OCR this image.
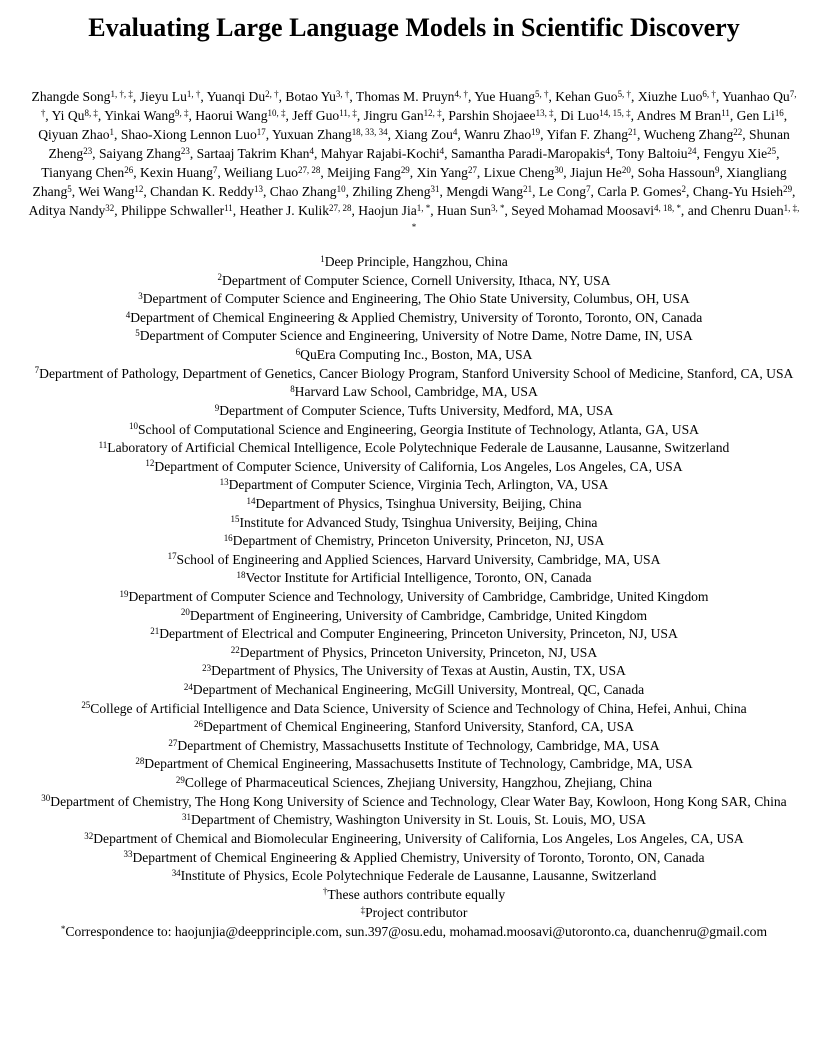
Evaluating Large Language Models in Scientific Discovery

Zhangde Song$^{1, \dagger, \ddagger}$, Jieyu $Lu^{1, \dagger}$, Yuanqi $Du^{2, \dagger}$, Botao $Yu^{3, \dagger}$, Thomas M. Pruyn$^{4, \dagger}$, Yue Huang$^{5, \dagger}$, Kehan Guo$^{5, \dagger}$, Xiuzhe Luo$^{6, \dagger}$, Yuanhao $Qu^{7, \dagger}$, Yi $Qu^{8, \ddagger}$, Yinkai Wang$^{9, \ddagger}$, Haorui Wang$^{10, \ddagger}$, Jeff Guo$^{11, \ddagger}$, Jingru Gan$^{12, \ddagger}$, Parshin Shojaee$^{13, \ddagger}$, Di Luo$^{14, 15, \ddagger}$, Andres M Bran$^{11}$, Gen Li$^{16}$, Qiyuan Zhao$^1$, Shao-Xiong Lennon Luo$^{17}$, Yuxuan Zhang$^{18, 33, 34}$, Xiang Zou$^4$, Wanru Zhao$^{19}$, Yifan F. Zhang$^{21}$, Wucheng Zhang$^{22}$, Shunan Zheng$^{23}$, Saiyang Zhang$^{23}$, Sartaaj Takrim Khan$^4$, Mahyar Rajabi-Kochi$^4$, Samantha Paradi-Maropakis$^4$, Tony Baltoiu$^{24}$, Fengyu Xie$^{25}$, Tianyang Chen$^{26}$, Kexin Huang$^7$, Weiliang Luo$^{27, 28}$, Meijing Fang$^{29}$, Xin Yang$^{27}$, Lixue Cheng$^{30}$, Jiajun He$^{20}$, Soha Hassoun$^9$, Xiangliang Zhang$^5$, Wei Wang$^{12}$, Chandan K. Reddy$^{13}$, Chao Zhang$^{10}$, Zhiling Zheng$^{31}$, Mengdi Wang$^{21}$, Le Cong$^7$, Carla P. Gomes$^2$, Chang-Yu Hsieh$^{29}$, Aditya Nandy$^{32}$, Philippe Schwaller$^{11}$, Heather J. Kulik$^{27, 28}$, Haojun Jia$^{1, *}$, Huan Sun$^{3, *}$, Seyed Mohamad Moosavi$^{4, 18, *}$, and Chenru Duan$^{1, \ddagger, *}$

$^1$Deep Principle, Hangzhou, China
$^2$Department of Computer Science, Cornell University, Ithaca, NY, USA
$^3$Department of Computer Science and Engineering, The Ohio State University, Columbus, OH, USA
$^4$Department of Chemical Engineering & Applied Chemistry, University of Toronto, Toronto, ON, Canada
$^5$Department of Computer Science and Engineering, University of Notre Dame, Notre Dame, IN, USA
$^6$QuEra Computing Inc., Boston, MA, USA
$^7$Department of Pathology, Department of Genetics, Cancer Biology Program, Stanford University School of Medicine, Stanford, CA, USA
$^8$Harvard Law School, Cambridge, MA, USA
$^9$Department of Computer Science, Tufts University, Medford, MA, USA
$^{10}$School of Computational Science and Engineering, Georgia Institute of Technology, Atlanta, GA, USA
$^{11}$Laboratory of Artificial Chemical Intelligence, Ecole Polytechnique Federale de Lausanne, Lausanne, Switzerland
$^{12}$Department of Computer Science, University of California, Los Angeles, Los Angeles, CA, USA
$^{13}$Department of Computer Science, Virginia Tech, Arlington, VA, USA
$^{14}$Department of Physics, Tsinghua University, Beijing, China
$^{15}$Institute for Advanced Study, Tsinghua University, Beijing, China
$^{16}$Department of Chemistry, Princeton University, Princeton, NJ, USA
$^{17}$School of Engineering and Applied Sciences, Harvard University, Cambridge, MA, USA
$^{18}$Vector Institute for Artificial Intelligence, Toronto, ON, Canada
$^{19}$Department of Computer Science and Technology, University of Cambridge, Cambridge, United Kingdom
$^{20}$Department of Engineering, University of Cambridge, Cambridge, United Kingdom
$^{21}$Department of Electrical and Computer Engineering, Princeton University, Princeton, NJ, USA
$^{22}$Department of Physics, Princeton University, Princeton, NJ, USA
$^{23}$Department of Physics, The University of Texas at Austin, Austin, TX, USA
$^{24}$Department of Mechanical Engineering, McGill University, Montreal, QC, Canada
$^{25}$College of Artificial Intelligence and Data Science, University of Science and Technology of China, Hefei, Anhui, China
$^{26}$Department of Chemical Engineering, Stanford University, Stanford, CA, USA
$^{27}$Department of Chemistry, Massachusetts Institute of Technology, Cambridge, MA, USA
$^{28}$Department of Chemical Engineering, Massachusetts Institute of Technology, Cambridge, MA, USA
$^{29}$College of Pharmaceutical Sciences, Zhejiang University, Hangzhou, Zhejiang, China
$^{30}$Department of Chemistry, The Hong Kong University of Science and Technology, Clear Water Bay, Kowloon, Hong Kong SAR, China
$^{31}$Department of Chemistry, Washington University in St. Louis, St. Louis, MO, USA
$^{32}$Department of Chemical and Biomolecular Engineering, University of California, Los Angeles, Los Angeles, CA, USA
$^{33}$Department of Chemical Engineering & Applied Chemistry, University of Toronto, Toronto, ON, Canada
$^{34}$Institute of Physics, Ecole Polytechnique Federale de Lausanne, Lausanne, Switzerland
†These authors contribute equally
‡Project contributor
*Correspondence to: haojunjia@deepprinciple.com, sun.397@osu.edu, mohamad.moosavi@utoronto.ca, duanchenru@gmail.com
